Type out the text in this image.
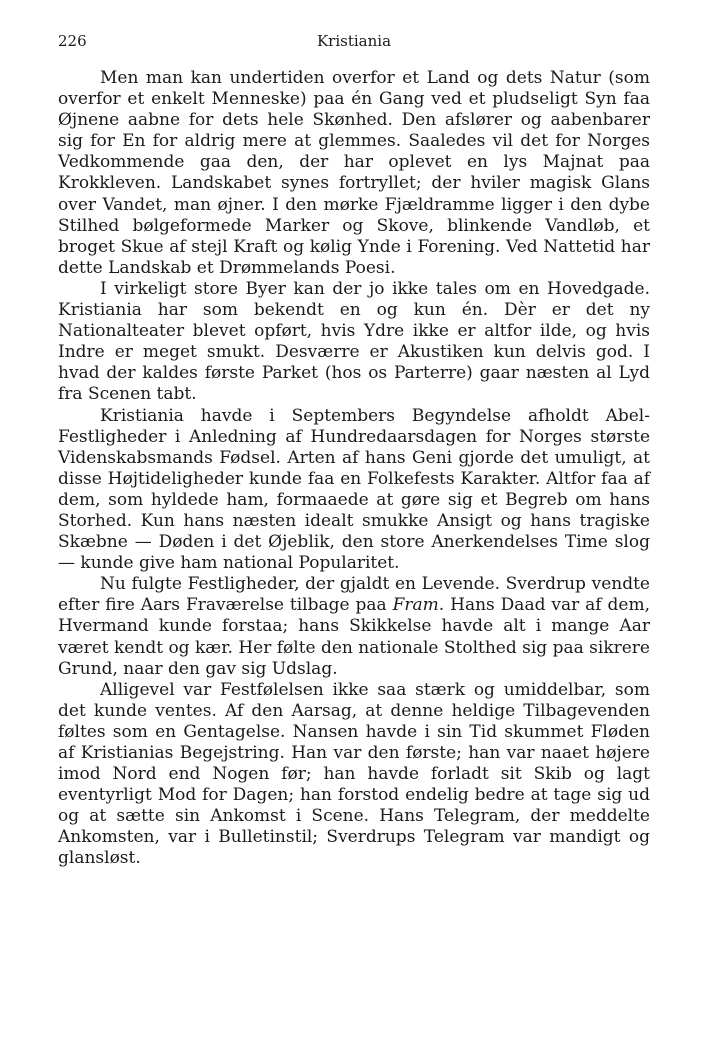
226	Kristiania

Men man kan undertiden overfor et Land og dets Natur (som overfor et enkelt Menneske) paa én Gang ved et pludseligt Syn faa Øjnene aabne for dets hele Skønhed. Den afslører og aabenbarer sig for En for aldrig mere at glemmes. Saaledes vil det for Norges Vedkommende gaa den, der har oplevet en lys Majnat paa Krokkleven. Landskabet synes fortryllet; der hviler magisk Glans over Vandet, man øjner. I den mørke Fjældramme ligger i den dybe Stilhed bølgeformede Marker og Skove, blinkende Vandløb, et broget Skue af stejl Kraft og kølig Ynde i Forening. Ved Nattetid har dette Landskab et Drømmelands Poesi.

I virkeligt store Byer kan der jo ikke tales om en Hovedgade. Kristiania har som bekendt en og kun én. Dèr er det ny Nationalteater blevet opført, hvis Ydre ikke er altfor ilde, og hvis Indre er meget smukt. Desværre er Akustiken kun delvis god. I hvad der kaldes første Parket (hos os Parterre) gaar næsten al Lyd fra Scenen tabt.

Kristiania havde i Septembers Begyndelse afholdt Abel-Festligheder i Anledning af Hundredaarsdagen for Norges største Videnskabsmands Fødsel. Arten af hans Geni gjorde det umuligt, at disse Højtideligheder kunde faa en Folkefests Karakter. Altfor faa af dem, som hyldede ham, formaaede at gøre sig et Begreb om hans Storhed. Kun hans næsten idealt smukke Ansigt og hans tragiske Skæbne — Døden i det Øjeblik, den store Anerkendelses Time slog — kunde give ham national Popularitet.

Nu fulgte Festligheder, der gjaldt en Levende. Sverdrup vendte efter fire Aars Fraværelse tilbage paa Fram. Hans Daad var af dem, Hvermand kunde forstaa; hans Skikkelse havde alt i mange Aar været kendt og kær. Her følte den nationale Stolthed sig paa sikrere Grund, naar den gav sig Udslag.

Alligevel var Festfølelsen ikke saa stærk og umiddelbar, som det kunde ventes. Af den Aarsag, at denne heldige Tilbagevenden føltes som en Gentagelse. Nansen havde i sin Tid skummet Fløden af Kristianias Begejstring. Han var den første; han var naaet højere imod Nord end Nogen før; han havde forladt sit Skib og lagt eventyrligt Mod for Dagen; han forstod endelig bedre at tage sig ud og at sætte sin Ankomst i Scene. Hans Telegram, der meddelte Ankomsten, var i Bulletinstil; Sverdrups Telegram var mandigt og glansløst.
